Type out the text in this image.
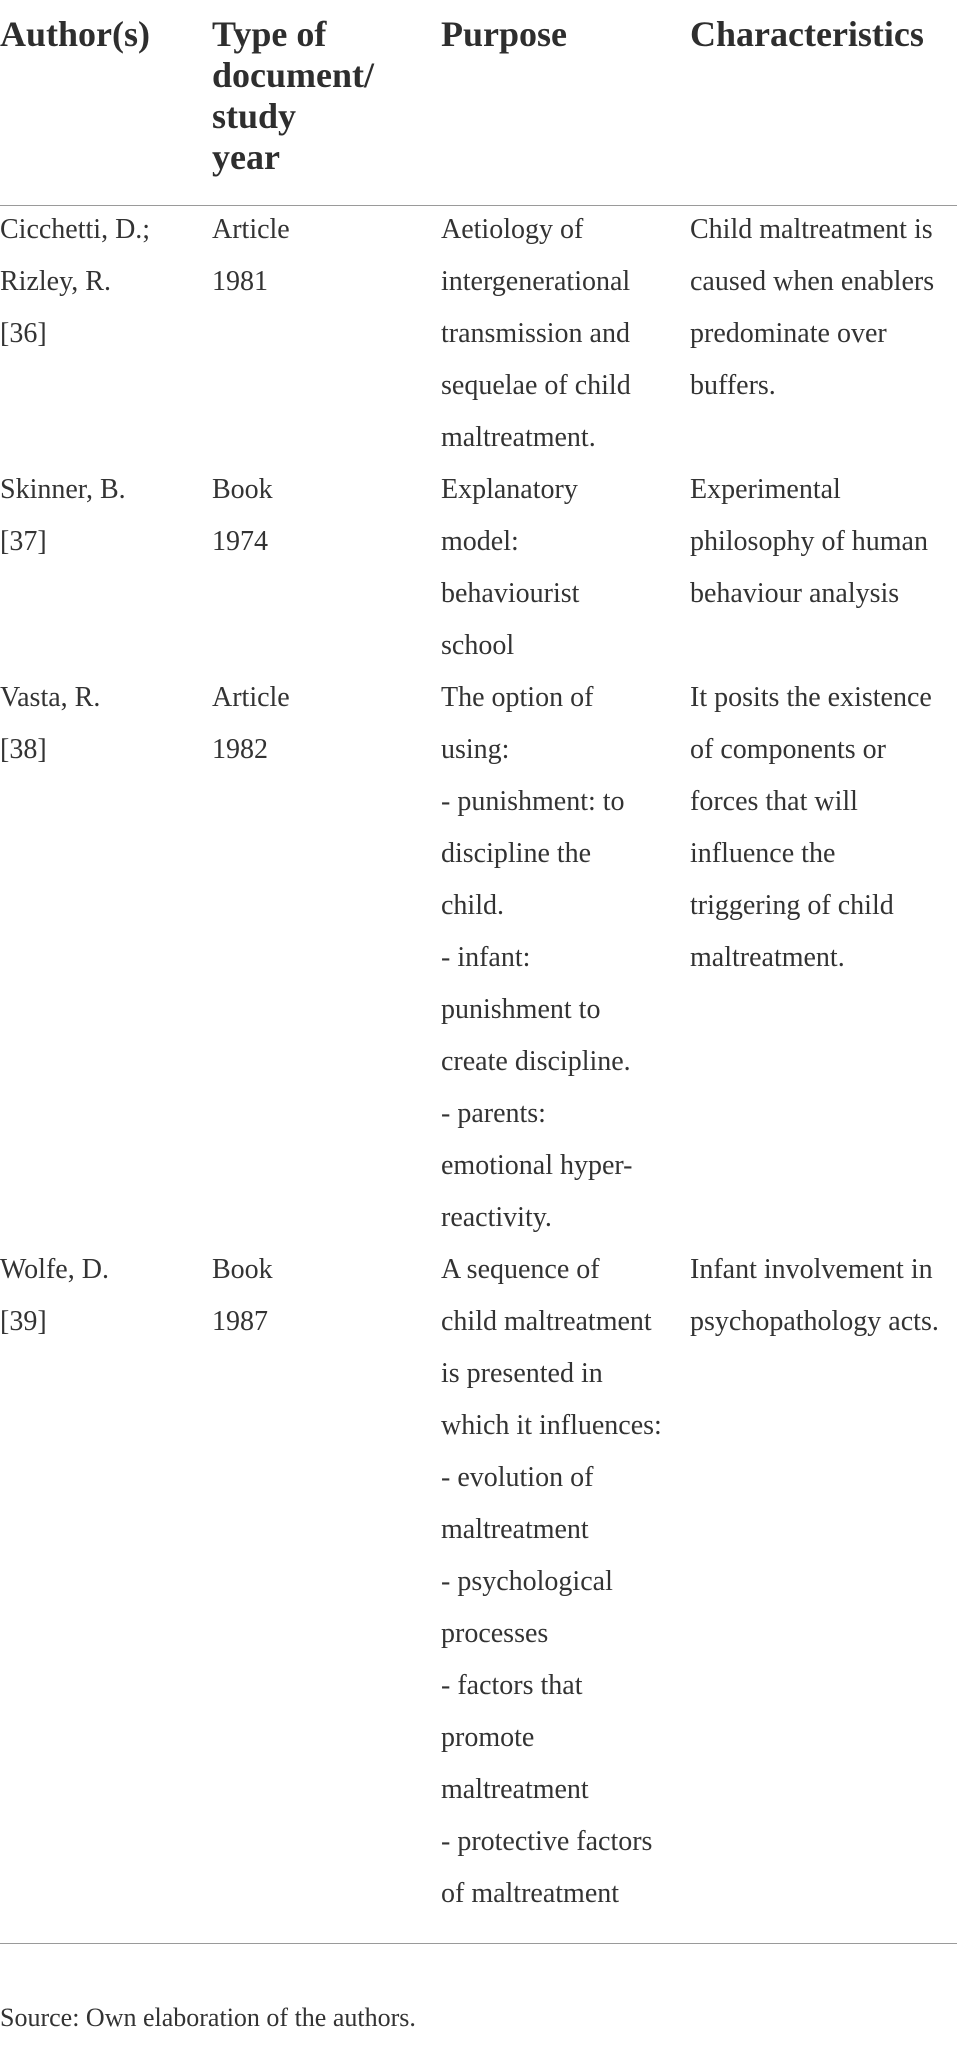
Author(s) Type of
document/
study
year
Purpose	Characteristics
Cicchetti, D.;
Rizley, R.
[36]
Article
1981
Aetiology of
intergenerational
transmission and
sequelae of child
maltreatment.
Child maltreatment is
caused when enablers
predominate over
buffers.
Skinner, B.
[37]
Book
1974
Explanatory
model:
behaviourist
school
Experimental
philosophy of human
behaviour analysis
Vasta, R.
[38]
Article
1982
The option of
using:
- punishment: to
discipline the
child.
- infant:
punishment to
create discipline.
- parents:
emotional hyper-
reactivity.
It posits the existence
of components or
forces that will
influence the
triggering of child
maltreatment.
Wolfe, D.
[39]
Book
1987
A sequence of
child maltreatment
is presented in
which it influences:
- evolution of
maltreatment
- psychological
processes
- factors that
promote
maltreatment
- protective factors
of maltreatment
Infant involvement in
psychopathology acts.
Source: Own elaboration of the authors.
